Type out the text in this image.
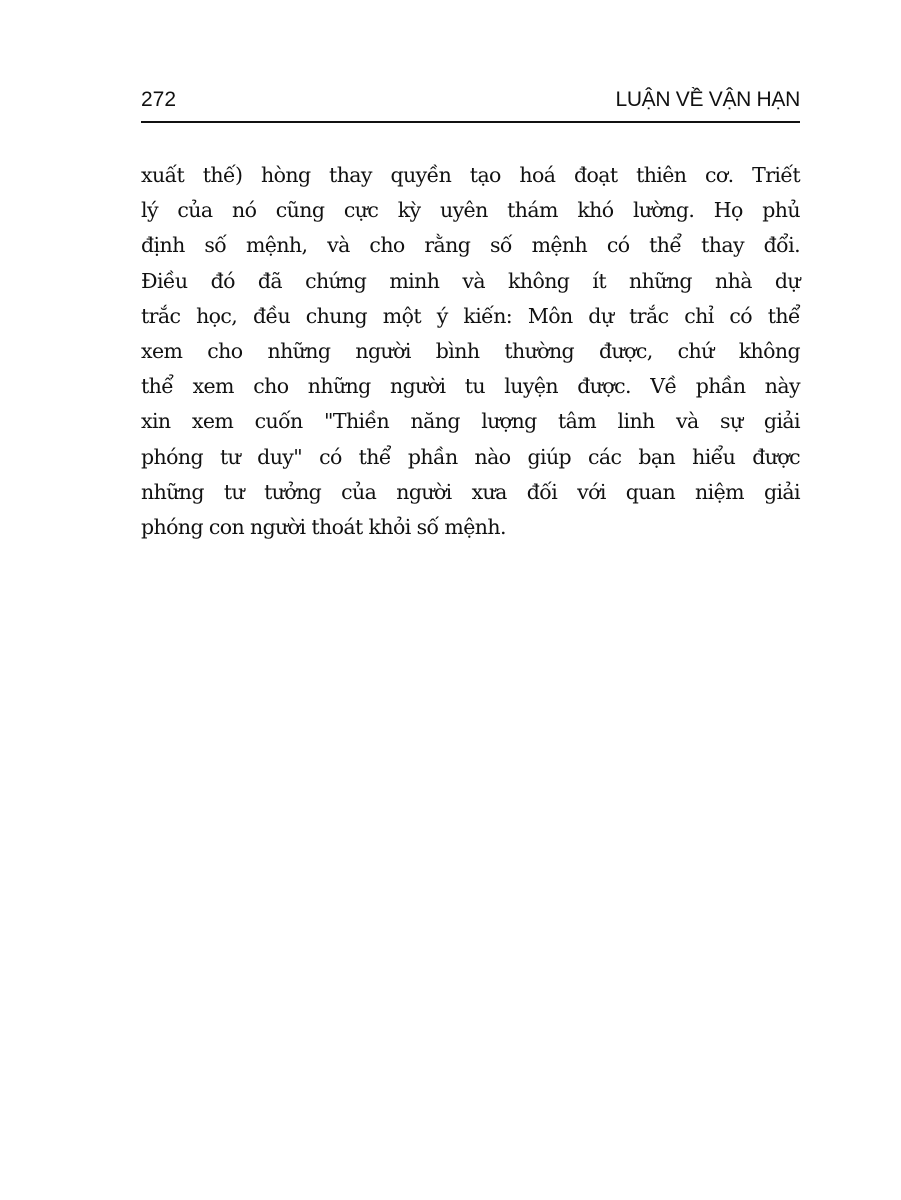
272	LUẬN VỀ VẬN HẠN
xuất thế) hòng thay quyền tạo hoá đoạt thiên cơ. Triết
lý của nó cũng cực kỳ uyên thám khó lường. Họ phủ
định số mệnh, và cho rằng số mệnh có thể thay đổi.
Điều đó đã chứng minh và không ít những nhà dự
trắc học, đều chung một ý kiến: Môn dự trắc chỉ có thể
xem cho những người bình thường được, chứ không
thể xem cho những người tu luyện được. Về phần này
xin xem cuốn "Thiền năng lượng tâm linh và sự giải
phóng tư duy" có thể phần nào giúp các bạn hiểu được
những tư tưởng của người xưa đối với quan niệm giải
phóng con người thoát khỏi số mệnh.
